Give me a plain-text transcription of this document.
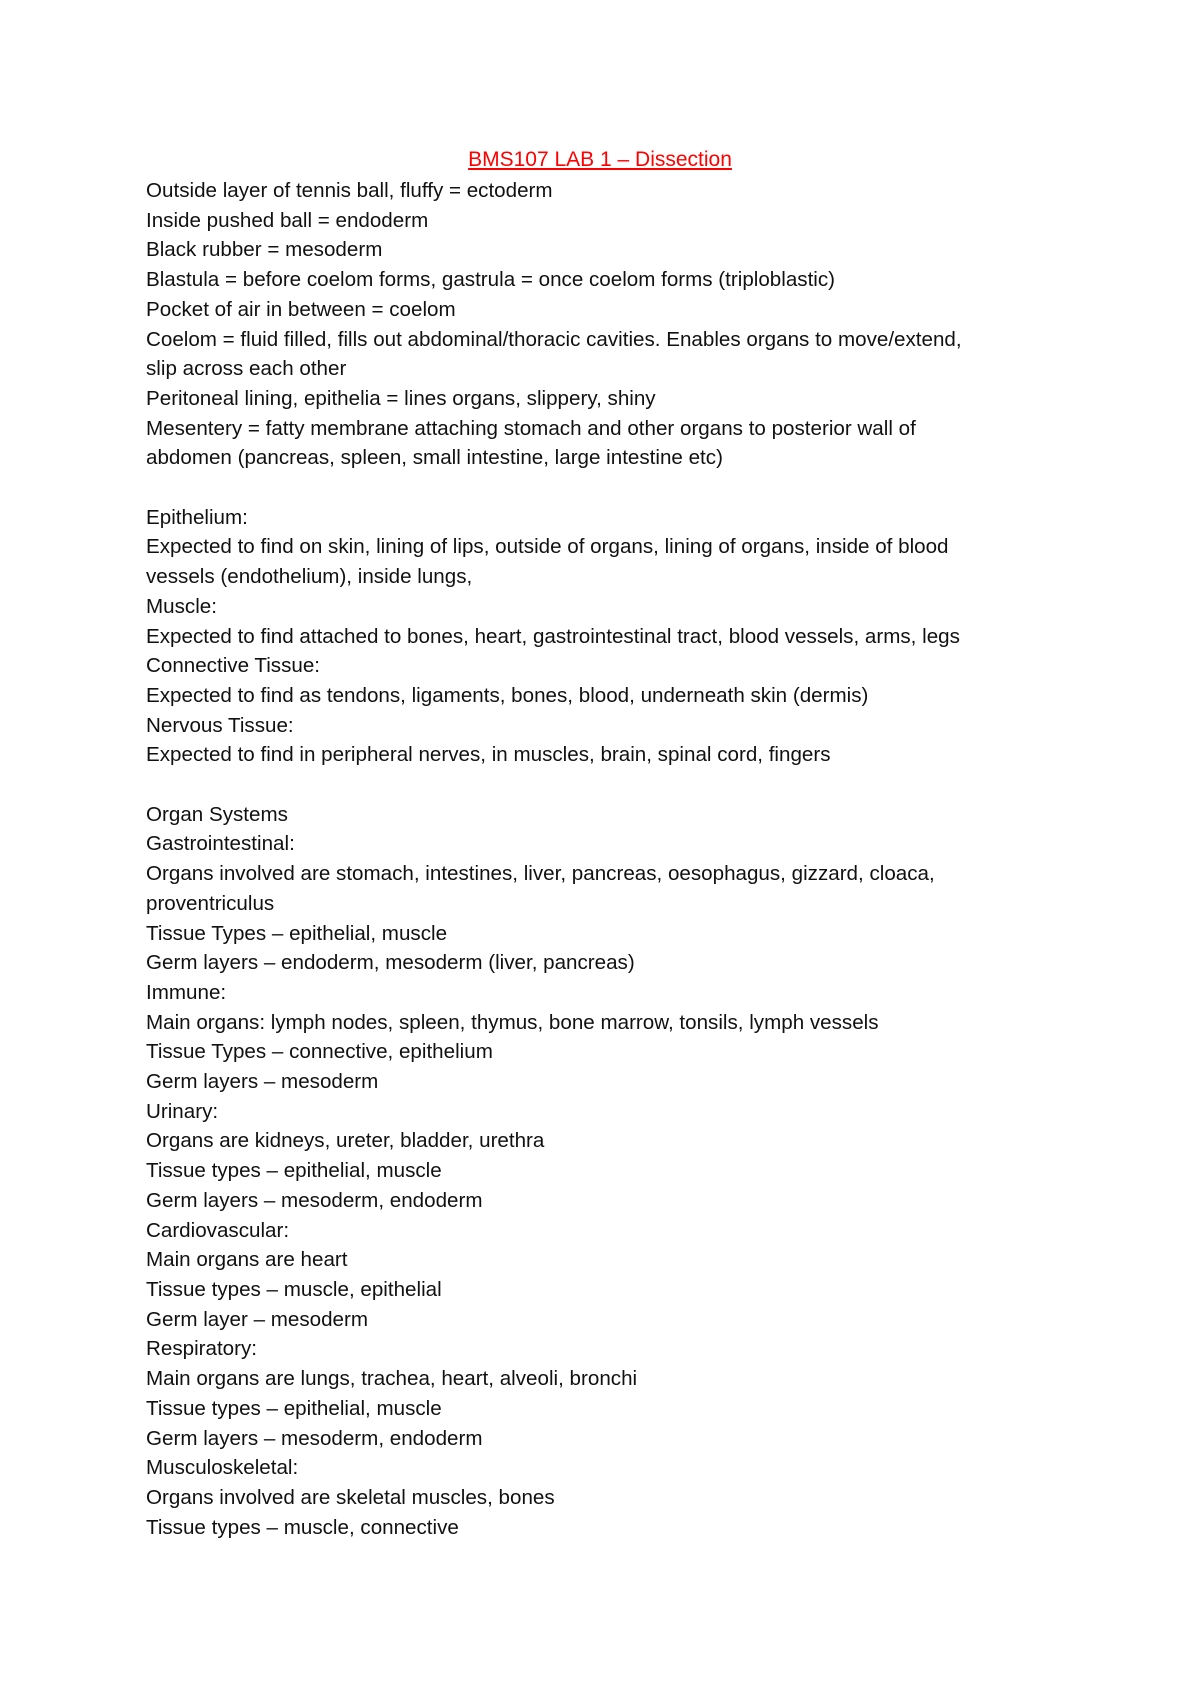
BMS107 LAB 1 – Dissection
Outside layer of tennis ball, fluffy = ectoderm
Inside pushed ball = endoderm
Black rubber = mesoderm
Blastula = before coelom forms, gastrula = once coelom forms (triploblastic)
Pocket of air in between = coelom
Coelom = fluid filled, fills out abdominal/thoracic cavities. Enables organs to move/extend,
slip across each other
Peritoneal lining, epithelia = lines organs, slippery, shiny
Mesentery = fatty membrane attaching stomach and other organs to posterior wall of
abdomen (pancreas, spleen, small intestine, large intestine etc)
Epithelium:
Expected to find on skin, lining of lips, outside of organs, lining of organs, inside of blood
vessels (endothelium), inside lungs,
Muscle:
Expected to find attached to bones, heart, gastrointestinal tract, blood vessels, arms, legs
Connective Tissue:
Expected to find as tendons, ligaments, bones, blood, underneath skin (dermis)
Nervous Tissue:
Expected to find in peripheral nerves, in muscles, brain, spinal cord, fingers
Organ Systems
Gastrointestinal:
Organs involved are stomach, intestines, liver, pancreas, oesophagus, gizzard, cloaca,
proventriculus
Tissue Types – epithelial, muscle
Germ layers – endoderm, mesoderm (liver, pancreas)
Immune:
Main organs: lymph nodes, spleen, thymus, bone marrow, tonsils, lymph vessels
Tissue Types – connective, epithelium
Germ layers – mesoderm
Urinary:
Organs are kidneys, ureter, bladder, urethra
Tissue types – epithelial, muscle
Germ layers – mesoderm, endoderm
Cardiovascular:
Main organs are heart
Tissue types – muscle, epithelial
Germ layer – mesoderm
Respiratory:
Main organs are lungs, trachea, heart, alveoli, bronchi
Tissue types – epithelial, muscle
Germ layers – mesoderm, endoderm
Musculoskeletal:
Organs involved are skeletal muscles, bones
Tissue types – muscle, connective
